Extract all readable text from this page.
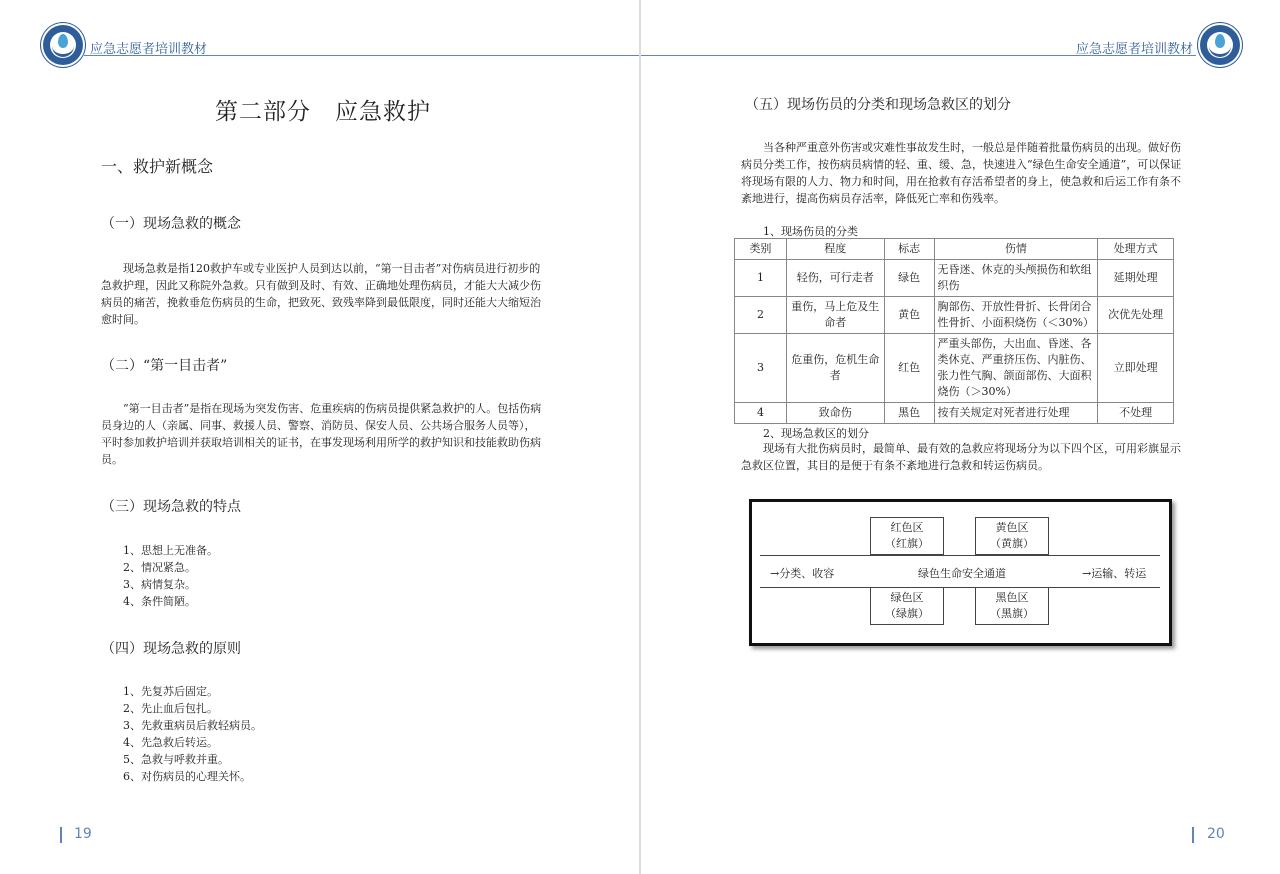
应急志愿者培训教材
第二部分　应急救护
一、救护新概念
（一）现场急救的概念

现场急救是指120救护车或专业医护人员到达以前，“第一目击者”对伤病员进行初步的急救护理，因此又称院外急救。只有做到及时、有效、正确地处理伤病员，才能大大减少伤病员的痛苦，挽救垂危伤病员的生命，把致死、致残率降到最低限度，同时还能大大缩短治愈时间。

（二）“第一目击者”

“第一目击者”是指在现场为突发伤害、危重疾病的伤病员提供紧急救护的人。包括伤病员身边的人（亲属、同事、救援人员、警察、消防员、保安人员、公共场合服务人员等），平时参加救护培训并获取培训相关的证书，在事发现场利用所学的救护知识和技能救助伤病员。

（三）现场急救的特点
1、思想上无准备。
2、情况紧急。
3、病情复杂。
4、条件简陋。
（四）现场急救的原则
1、先复苏后固定。
2、先止血后包扎。
3、先救重病员后救轻病员。
4、先急救后转运。
5、急救与呼救并重。
6、对伤病员的心理关怀。
19
应急志愿者培训教材
20
（五）现场伤员的分类和现场急救区的划分

当各种严重意外伤害或灾难性事故发生时，一般总是伴随着批量伤病员的出现。做好伤病员分类工作，按伤病员病情的轻、重、缓、急，快速进入“绿色生命安全通道”，可以保证将现场有限的人力、物力和时间，用在抢救有存活希望者的身上，使急救和后运工作有条不紊地进行，提高伤病员存活率，降低死亡率和伤残率。

1、现场伤员的分类
类别	程度	标志	伤情	处理方式
1	轻伤，可行走者	绿色	无昏迷、休克的头颅损伤和软组织伤	延期处理
2	重伤，马上危及生命者	黄色	胸部伤、开放性骨折、长骨闭合性骨折、小面积烧伤（＜30%）	次优先处理
3	危重伤，危机生命者	红色	严重头部伤，大出血、昏迷、各类休克、严重挤压伤、内脏伤、张力性气胸、颌面部伤、大面积烧伤（＞30%）	立即处理
4	致命伤	黑色	按有关规定对死者进行处理	不处理
2、现场急救区的划分

现场有大批伤病员时，最简单、最有效的急救应将现场分为以下四个区，可用彩旗显示急救区位置，其目的是便于有条不紊地进行急救和转运伤病员。

红色区
（红旗）
黄色区
（黄旗）
→分类、收容	绿色生命安全通道	→运输、转运
绿色区
（绿旗）
黑色区
（黑旗）
